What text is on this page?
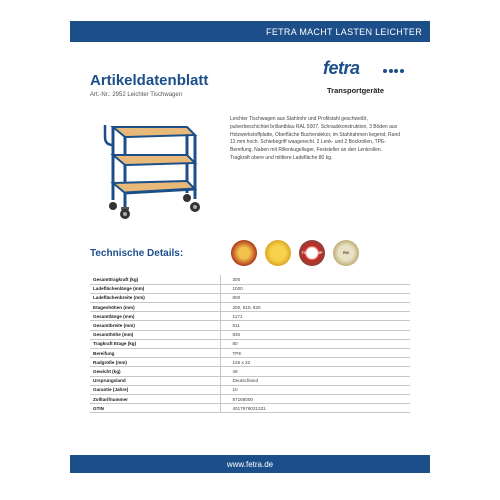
FETRA MACHT LASTEN LEICHTER
Artikeldatenblatt
Art.-Nr.: 2952 Leichter Tischwagen
fetra
Transportgeräte
Leichter Tischwagen aus Stahlrohr und Profilstahl geschweißt, pulverbeschichtet brillantblau RAL 5007. Schraubkonstruktion, 3 Böden aus Holzwerkstoffplatte, Oberfläche Buchendekor, im Stahlrahmen liegend, Rand 12 mm hoch. Schiebegriff waagerecht. 2 Lenk- und 2 Bockrollen, TPE-Bereifung, Naben mit Rillenkugellager, Feststeller an den Lenkrollen. Tragkraft obere und mittlere Ladefläche 80 kg.
Technische Details:	TOTALSTOP	RIX
Gesamttragkraft (kg)	300
Ladeflächenlänge (mm)	1000
Ladeflächenbreite (mm)	600
Etagenhöhen (mm)	200, 510, 820
Gesamtlänge (mm)	1171
Gesamtbreite (mm)	611
Gesamthöhe (mm)	830
Tragkraft Etage (kg)	80
Bereifung	TPE
Radgröße (mm)	125 x 32
Gewicht (kg)	49
Ursprungsland	Deutschland
Garantie (Jahre)	10
Zolltarifnummer	87168000
GTIN	4017976021331
www.fetra.de
